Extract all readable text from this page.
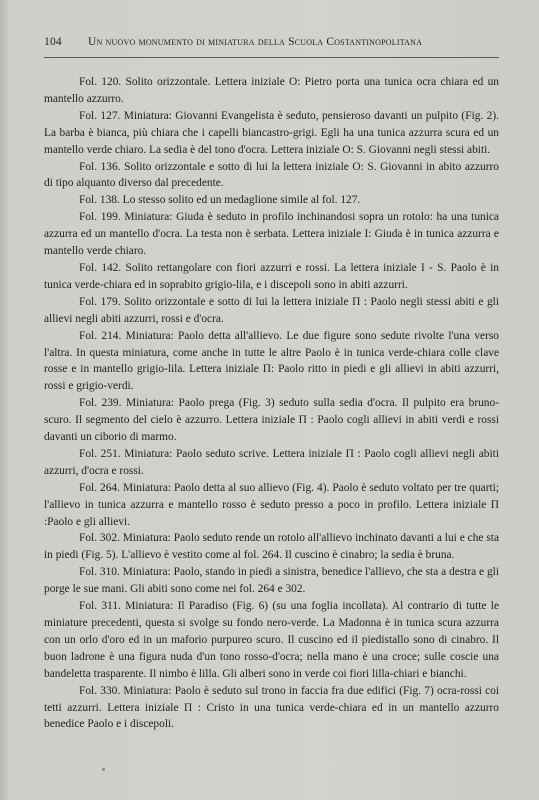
104 Un nuovo monumento di miniatura della Scuola Costantinopolitana

Fol. 120. Solito orizzontale. Lettera iniziale O: Pietro porta una tunica ocra chiara ed un mantello azzurro.

Fol. 127. Miniatura: Giovanni Evangelista è seduto, pensieroso davanti un pulpito (Fig. 2). La barba è bianca, più chiara che i capelli biancastro-grigi. Egli ha una tunica azzurra scura ed un mantello verde chiaro. La sedia è del tono d'ocra. Lettera iniziale O: S. Giovanni negli stessi abiti.

Fol. 136. Solito orizzontale e sotto di lui la lettera iniziale O: S. Giovanni in abito azzurro di tipo alquanto diverso dal precedente.

Fol. 138. Lo stesso solito ed un medaglione simile al fol. 127.

Fol. 199. Miniatura: Giuda è seduto in profilo inchinandosi sopra un rotolo: ha una tunica azzurra ed un mantello d'ocra. La testa non è serbata. Lettera iniziale I: Giuda è in tunica azzurra e mantello verde chiaro.

Fol. 142. Solito rettangolare con fiori azzurri e rossi. La lettera iniziale I - S. Paolo è in tunica verde-chiara ed in soprabito grigio-lila, e i discepoli sono in abiti azzurri.

Fol. 179. Solito orizzontale e sotto di lui la lettera iniziale Π : Paolo negli stessi abiti e gli allievi negli abiti azzurri, rossi e d'ocra.

Fol. 214. Miniatura: Paolo detta all'allievo. Le due figure sono sedute rivolte l'una verso l'altra. In questa miniatura, come anche in tutte le altre Paolo è in tunica verde-chiara colle clave rosse e in mantello grigio-lila. Lettera iniziale Π: Paolo ritto in piedi e gli allievi in abiti azzurri, rossi e grigio-verdi.

Fol. 239. Miniatura: Paolo prega (Fig. 3) seduto sulla sedia d'ocra. Il pulpito era bruno-scuro. Il segmento del cielo è azzurro. Lettera iniziale Π : Paolo cogli allievi in abiti verdi e rossi davanti un ciborio di marmo.

Fol. 251. Miniatura: Paolo seduto scrive. Lettera iniziale Π : Paolo cogli allievi negli abiti azzurri, d'ocra e rossi.

Fol. 264. Miniatura: Paolo detta al suo allievo (Fig. 4). Paolo è seduto voltato per tre quarti; l'allievo in tunica azzurra e mantello rosso è seduto presso a poco in profilo. Lettera iniziale Π :Paolo e gli allievi.

Fol. 302. Miniatura: Paolo seduto rende un rotolo all'allievo inchinato davanti a lui e che sta in piedi (Fig. 5). L'allievo è vestito come al fol. 264. Il cuscino è cinabro; la sedia è bruna.

Fol. 310. Miniatura: Paolo, stando in piedi a sinistra, benedice l'allievo, che sta a destra e gli porge le sue mani. Gli abiti sono come nei fol. 264 e 302.

Fol. 311. Miniatura: Il Paradiso (Fig. 6) (su una foglia incollata). Al contrario di tutte le miniature precedenti, questa si svolge su fondo nero-verde. La Madonna è in tunica scura azzurra con un orlo d'oro ed in un maforio purpureo scuro. Il cuscino ed il piedistallo sono di cinabro. Il buon ladrone è una figura nuda d'un tono rosso-d'ocra; nella mano è una croce; sulle coscie una bandeletta trasparente. Il nimbo è lilla. Gli alberi sono in verde coi fiori lilla-chiari e bianchi.

Fol. 330. Miniatura: Paolo è seduto sul trono in faccia fra due edifici (Fig. 7) ocra-rossi coi tetti azzurri. Lettera iniziale Π : Cristo in una tunica verde-chiara ed in un mantello azzurro benedice Paolo e i discepoli.
